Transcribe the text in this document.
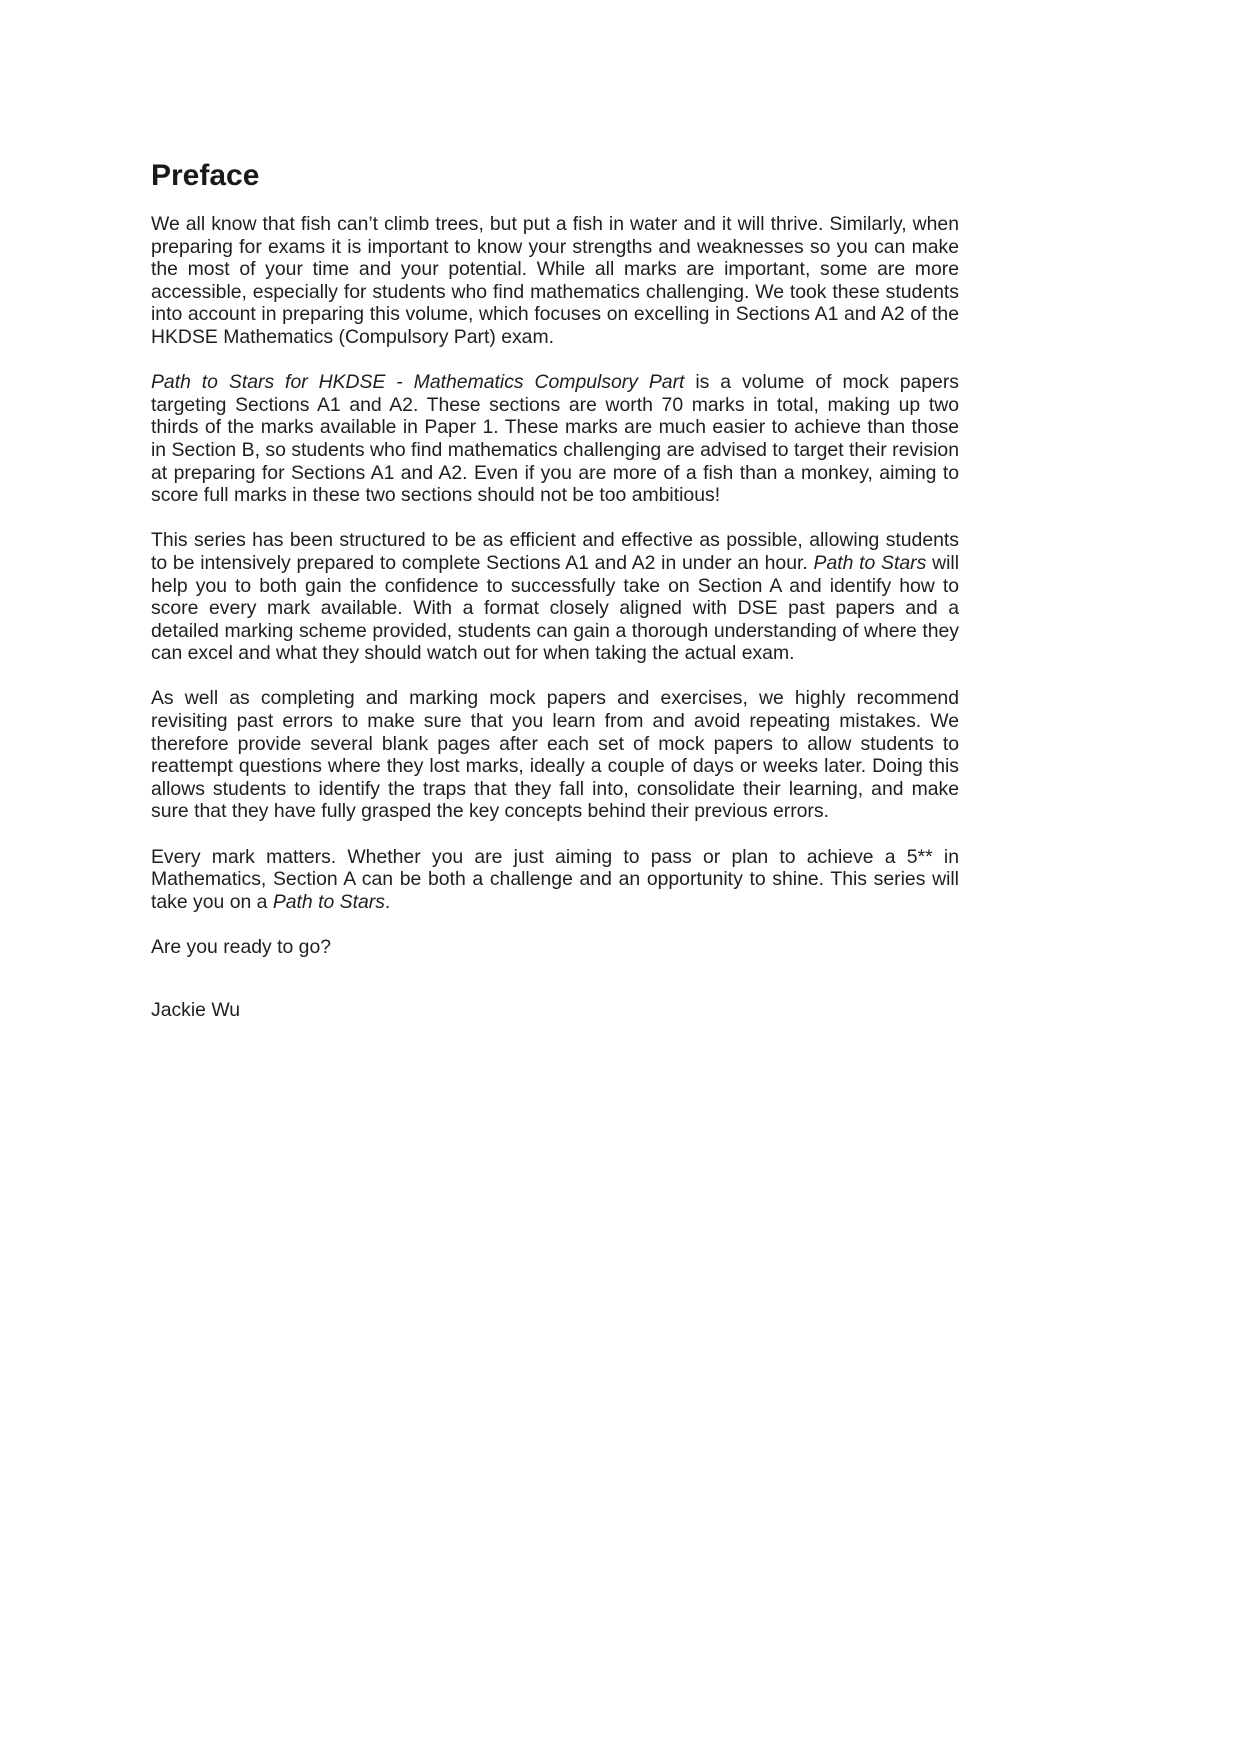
Preface

We all know that fish can’t climb trees, but put a fish in water and it will thrive. Similarly, when preparing for exams it is important to know your strengths and weaknesses so you can make the most of your time and your potential. While all marks are important, some are more accessible, especially for students who find mathematics challenging. We took these students into account in preparing this volume, which focuses on excelling in Sections A1 and A2 of the HKDSE Mathematics (Compulsory Part) exam.

Path to Stars for HKDSE - Mathematics Compulsory Part is a volume of mock papers targeting Sections A1 and A2. These sections are worth 70 marks in total, making up two thirds of the marks available in Paper 1. These marks are much easier to achieve than those in Section B, so students who find mathematics challenging are advised to target their revision at preparing for Sections A1 and A2. Even if you are more of a fish than a monkey, aiming to score full marks in these two sections should not be too ambitious!

This series has been structured to be as efficient and effective as possible, allowing students to be intensively prepared to complete Sections A1 and A2 in under an hour. Path to Stars will help you to both gain the confidence to successfully take on Section A and identify how to score every mark available. With a format closely aligned with DSE past papers and a detailed marking scheme provided, students can gain a thorough understanding of where they can excel and what they should watch out for when taking the actual exam.

As well as completing and marking mock papers and exercises, we highly recommend revisiting past errors to make sure that you learn from and avoid repeating mistakes. We therefore provide several blank pages after each set of mock papers to allow students to reattempt questions where they lost marks, ideally a couple of days or weeks later. Doing this allows students to identify the traps that they fall into, consolidate their learning, and make sure that they have fully grasped the key concepts behind their previous errors.

Every mark matters. Whether you are just aiming to pass or plan to achieve a 5** in Mathematics, Section A can be both a challenge and an opportunity to shine. This series will take you on a Path to Stars.

Are you ready to go?

Jackie Wu
